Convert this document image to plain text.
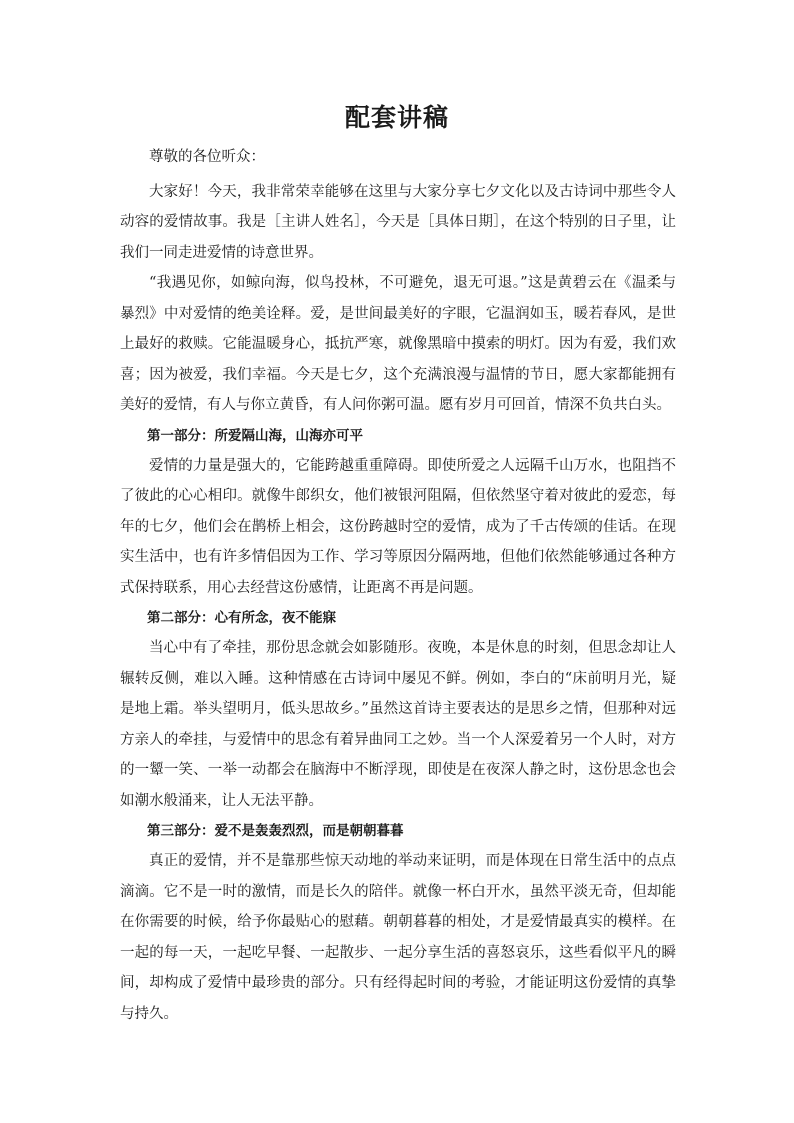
配套讲稿

尊敬的各位听众：

大家好！今天，我非常荣幸能够在这里与大家分享七夕文化以及古诗词中那些令人动容的爱情故事。我是［主讲人姓名］，今天是［具体日期］，在这个特别的日子里，让我们一同走进爱情的诗意世界。

“我遇见你，如鲸向海，似鸟投林，不可避免，退无可退。”这是黄碧云在《温柔与暴烈》中对爱情的绝美诠释。爱，是世间最美好的字眼，它温润如玉，暖若春风，是世上最好的救赎。它能温暖身心，抵抗严寒，就像黑暗中摸索的明灯。因为有爱，我们欢喜；因为被爱，我们幸福。今天是七夕，这个充满浪漫与温情的节日，愿大家都能拥有美好的爱情，有人与你立黄昏，有人问你粥可温。愿有岁月可回首，情深不负共白头。

第一部分：所爱隔山海，山海亦可平

爱情的力量是强大的，它能跨越重重障碍。即使所爱之人远隔千山万水，也阻挡不了彼此的心心相印。就像牛郎织女，他们被银河阻隔，但依然坚守着对彼此的爱恋，每年的七夕，他们会在鹊桥上相会，这份跨越时空的爱情，成为了千古传颂的佳话。在现实生活中，也有许多情侣因为工作、学习等原因分隔两地，但他们依然能够通过各种方式保持联系，用心去经营这份感情，让距离不再是问题。

第二部分：心有所念，夜不能寐

当心中有了牵挂，那份思念就会如影随形。夜晚，本是休息的时刻，但思念却让人辗转反侧，难以入睡。这种情感在古诗词中屡见不鲜。例如，李白的“床前明月光，疑是地上霜。举头望明月，低头思故乡。”虽然这首诗主要表达的是思乡之情，但那种对远方亲人的牵挂，与爱情中的思念有着异曲同工之妙。当一个人深爱着另一个人时，对方的一颦一笑、一举一动都会在脑海中不断浮现，即使是在夜深人静之时，这份思念也会如潮水般涌来，让人无法平静。

第三部分：爱不是轰轰烈烈，而是朝朝暮暮

真正的爱情，并不是靠那些惊天动地的举动来证明，而是体现在日常生活中的点点滴滴。它不是一时的激情，而是长久的陪伴。就像一杯白开水，虽然平淡无奇，但却能在你需要的时候，给予你最贴心的慰藉。朝朝暮暮的相处，才是爱情最真实的模样。在一起的每一天，一起吃早餐、一起散步、一起分享生活的喜怒哀乐，这些看似平凡的瞬间，却构成了爱情中最珍贵的部分。只有经得起时间的考验，才能证明这份爱情的真挚与持久。
